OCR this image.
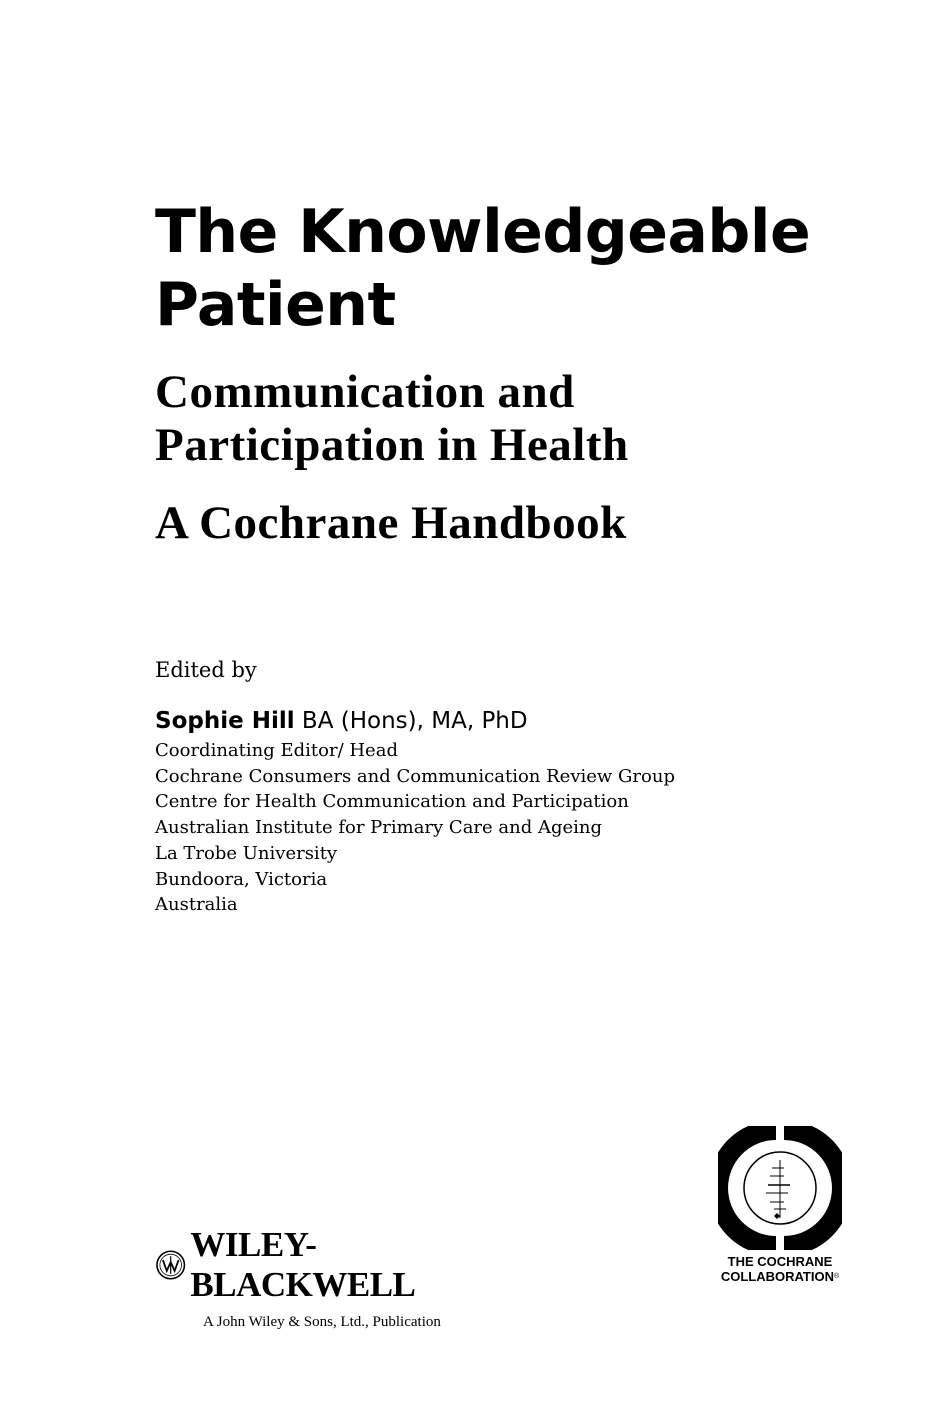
The Knowledgeable Patient
Communication and
Participation in Health
A Cochrane Handbook
Edited by
Sophie Hill BA (Hons), MA, PhD
Coordinating Editor/ Head
Cochrane Consumers and Communication Review Group
Centre for Health Communication and Participation
Australian Institute for Primary Care and Ageing
La Trobe University
Bundoora, Victoria
Australia
WILEY-BLACKWELL
A John Wiley & Sons, Ltd., Publication
THE COCHRANE
COLLABORATION®
